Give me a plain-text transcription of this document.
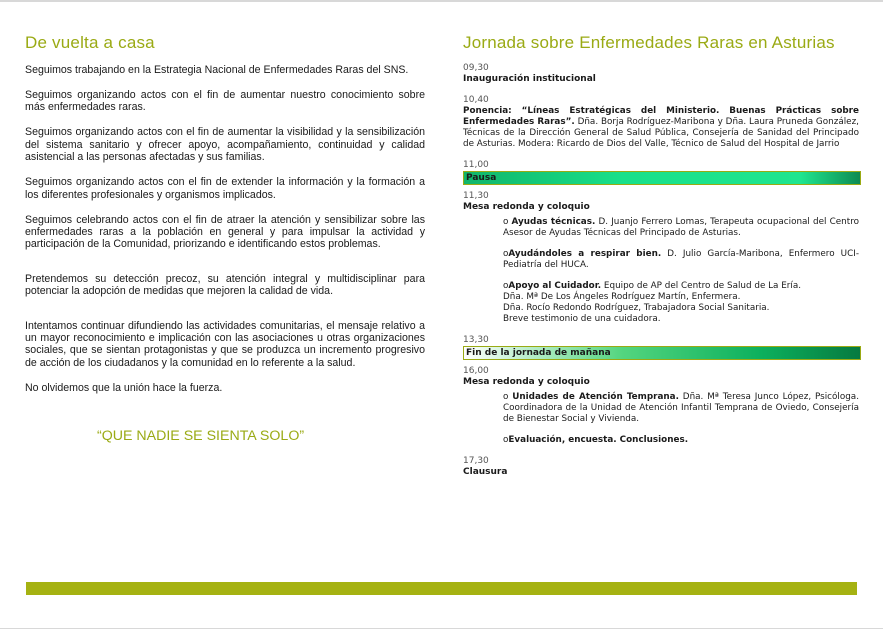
De vuelta a casa

Seguimos trabajando en la Estrategia Nacional de Enfermedades Raras del SNS.

Seguimos organizando actos con el fin de aumentar nuestro conocimiento sobre más enfermedades raras.

Seguimos organizando actos con el fin de aumentar la visibilidad y la sensibilización del sistema sanitario y ofrecer apoyo, acompañamiento, continuidad y calidad asistencial a las personas afectadas y sus familias.

Seguimos organizando actos con el fin de extender la información y la formación a los diferentes profesionales y organismos implicados.

Seguimos celebrando actos con el fin de atraer la atención y sensibilizar sobre las enfermedades raras a la población en general y para impulsar la actividad y participación de la Comunidad, priorizando e identificando estos problemas.

Pretendemos su detección precoz, su atención integral y multidisciplinar para potenciar la adopción de medidas que mejoren la calidad de vida.

Intentamos continuar difundiendo las actividades comunitarias, el mensaje relativo a un mayor reconocimiento e implicación con las asociaciones u otras organizaciones sociales, que se sientan protagonistas y que se produzca un incremento progresivo de acción de los ciudadanos y la comunidad en lo referente a la salud.

No olvidemos que la unión hace la fuerza.

“QUE NADIE SE SIENTA SOLO”
Jornada sobre Enfermedades Raras en Asturias
09,30
Inauguración institucional
10,40
Ponencia: “Líneas Estratégicas del Ministerio. Buenas Prácticas sobre Enfermedades Raras”. Dña. Borja Rodríguez-Maribona y Dña. Laura Pruneda González, Técnicas de la Dirección General de Salud Pública, Consejería de Sanidad del Principado de Asturias. Modera: Ricardo de Dios del Valle, Técnico de Salud del Hospital de Jarrio
11,00
Pausa
11,30
Mesa redonda y coloquio
o Ayudas técnicas. D. Juanjo Ferrero Lomas, Terapeuta ocupacional del Centro Asesor de Ayudas Técnicas del Principado de Asturias.
oAyudándoles a respirar bien. D. Julio García-Maribona, Enfermero UCI-Pediatría del HUCA.
oApoyo al Cuidador. Equipo de AP del Centro de Salud de La Ería.
Dña. Mª De Los Ángeles Rodríguez Martín, Enfermera.
Dña. Rocío Redondo Rodríguez, Trabajadora Social Sanitaria.
Breve testimonio de una cuidadora.
13,30
Fin de la jornada de mañana
16,00
Mesa redonda y coloquio
o Unidades de Atención Temprana. Dña. Mª Teresa Junco López, Psicóloga. Coordinadora de la Unidad de Atención Infantil Temprana de Oviedo, Consejería de Bienestar Social y Vivienda.
oEvaluación, encuesta. Conclusiones.
17,30
Clausura
